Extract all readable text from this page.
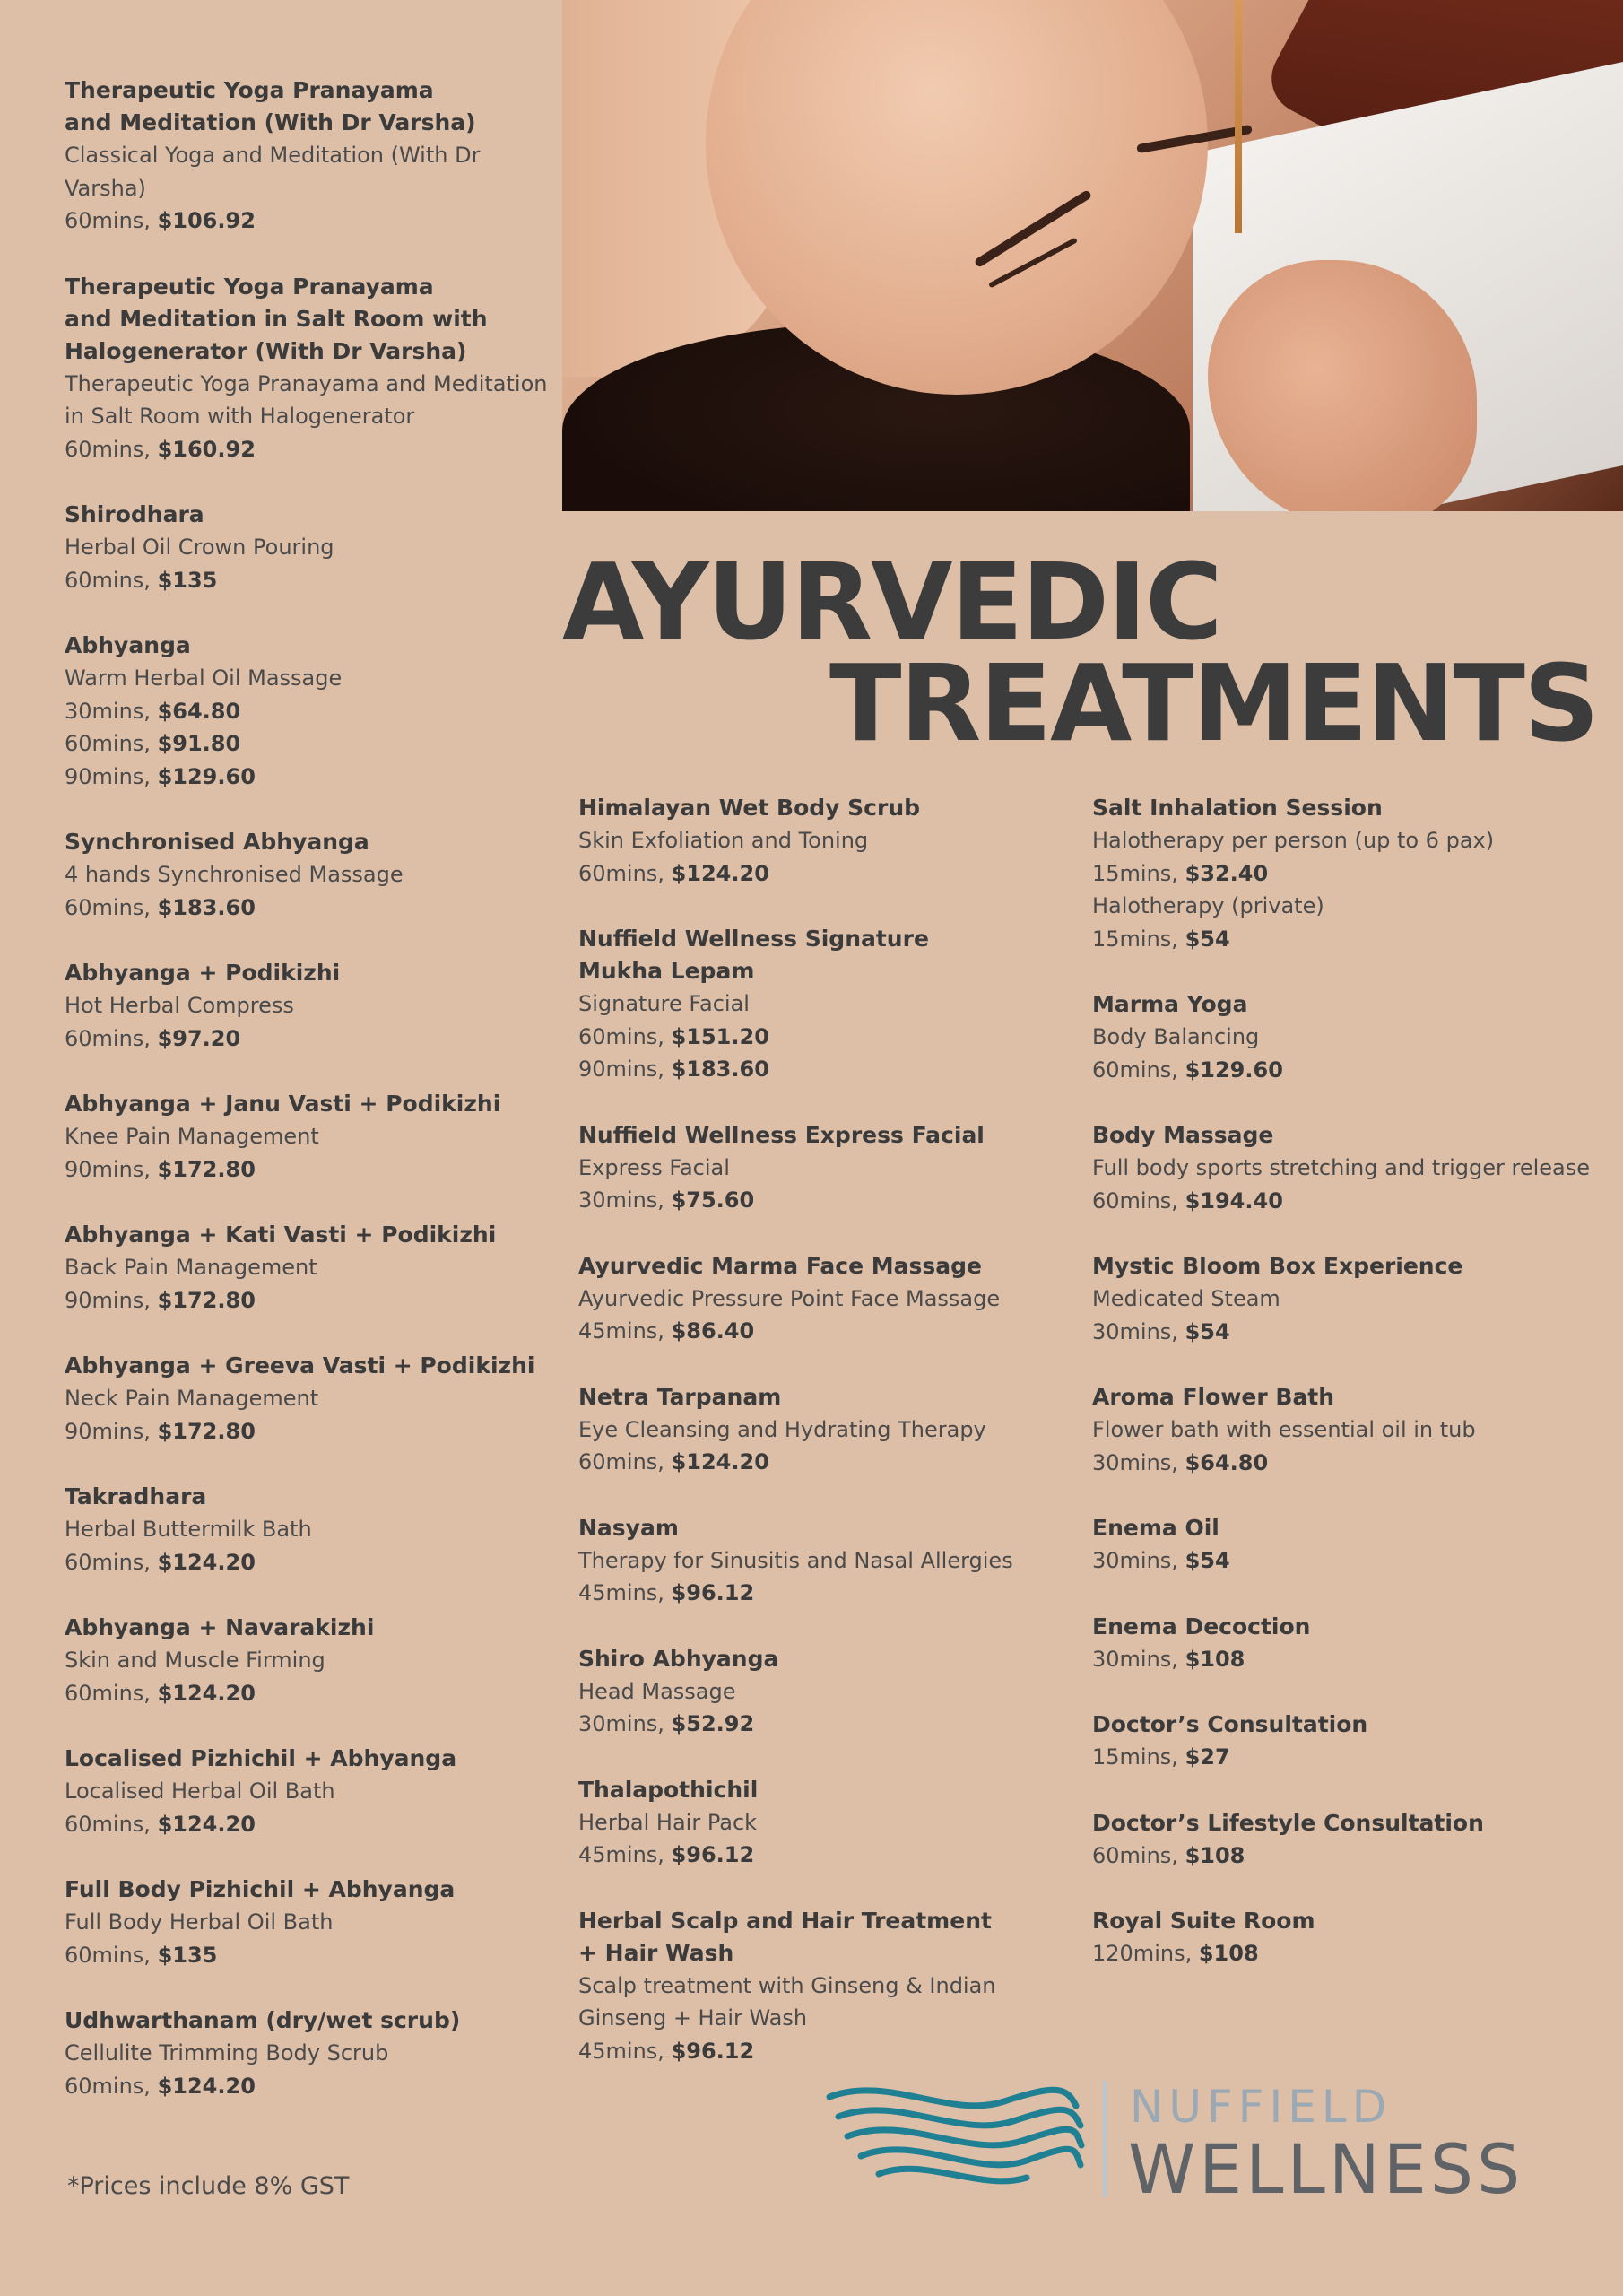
AYURVEDIC
TREATMENTS
Therapeutic Yoga Pranayama
and Meditation (With Dr Varsha)
Classical Yoga and Meditation (With Dr Varsha)
60mins, $106.92
Therapeutic Yoga Pranayama
and Meditation in Salt Room with
Halogenerator (With Dr Varsha)
Therapeutic Yoga Pranayama and Meditation
in Salt Room with Halogenerator
60mins, $160.92
Shirodhara
Herbal Oil Crown Pouring
60mins, $135
Abhyanga
Warm Herbal Oil Massage
30mins, $64.80
60mins, $91.80
90mins, $129.60
Synchronised Abhyanga
4 hands Synchronised Massage
60mins, $183.60
Abhyanga + Podikizhi
Hot Herbal Compress
60mins, $97.20
Abhyanga + Janu Vasti + Podikizhi
Knee Pain Management
90mins, $172.80
Abhyanga + Kati Vasti + Podikizhi
Back Pain Management
90mins, $172.80
Abhyanga + Greeva Vasti + Podikizhi
Neck Pain Management
90mins, $172.80
Takradhara
Herbal Buttermilk Bath
60mins, $124.20
Abhyanga + Navarakizhi
Skin and Muscle Firming
60mins, $124.20
Localised Pizhichil + Abhyanga
Localised Herbal Oil Bath
60mins, $124.20
Full Body Pizhichil + Abhyanga
Full Body Herbal Oil Bath
60mins, $135
Udhwarthanam (dry/wet scrub)
Cellulite Trimming Body Scrub
60mins, $124.20
Himalayan Wet Body Scrub
Skin Exfoliation and Toning
60mins, $124.20
Nuffield Wellness Signature
Mukha Lepam
Signature Facial
60mins, $151.20
90mins, $183.60
Nuffield Wellness Express Facial
Express Facial
30mins, $75.60
Ayurvedic Marma Face Massage
Ayurvedic Pressure Point Face Massage
45mins, $86.40
Netra Tarpanam
Eye Cleansing and Hydrating Therapy
60mins, $124.20
Nasyam
Therapy for Sinusitis and Nasal Allergies
45mins, $96.12
Shiro Abhyanga
Head Massage
30mins, $52.92
Thalapothichil
Herbal Hair Pack
45mins, $96.12
Herbal Scalp and Hair Treatment
+ Hair Wash
Scalp treatment with Ginseng & Indian
Ginseng + Hair Wash
45mins, $96.12
Salt Inhalation Session
Halotherapy per person (up to 6 pax)
15mins, $32.40
Halotherapy (private)
15mins, $54
Marma Yoga
Body Balancing
60mins, $129.60
Body Massage
Full body sports stretching and trigger release
60mins, $194.40
Mystic Bloom Box Experience
Medicated Steam
30mins, $54
Aroma Flower Bath
Flower bath with essential oil in tub
30mins, $64.80
Enema Oil
30mins, $54
Enema Decoction
30mins, $108
Doctor’s Consultation
15mins, $27
Doctor’s Lifestyle Consultation
60mins, $108
Royal Suite Room
120mins, $108
*Prices include 8% GST
NUFFIELD
WELLNESS
